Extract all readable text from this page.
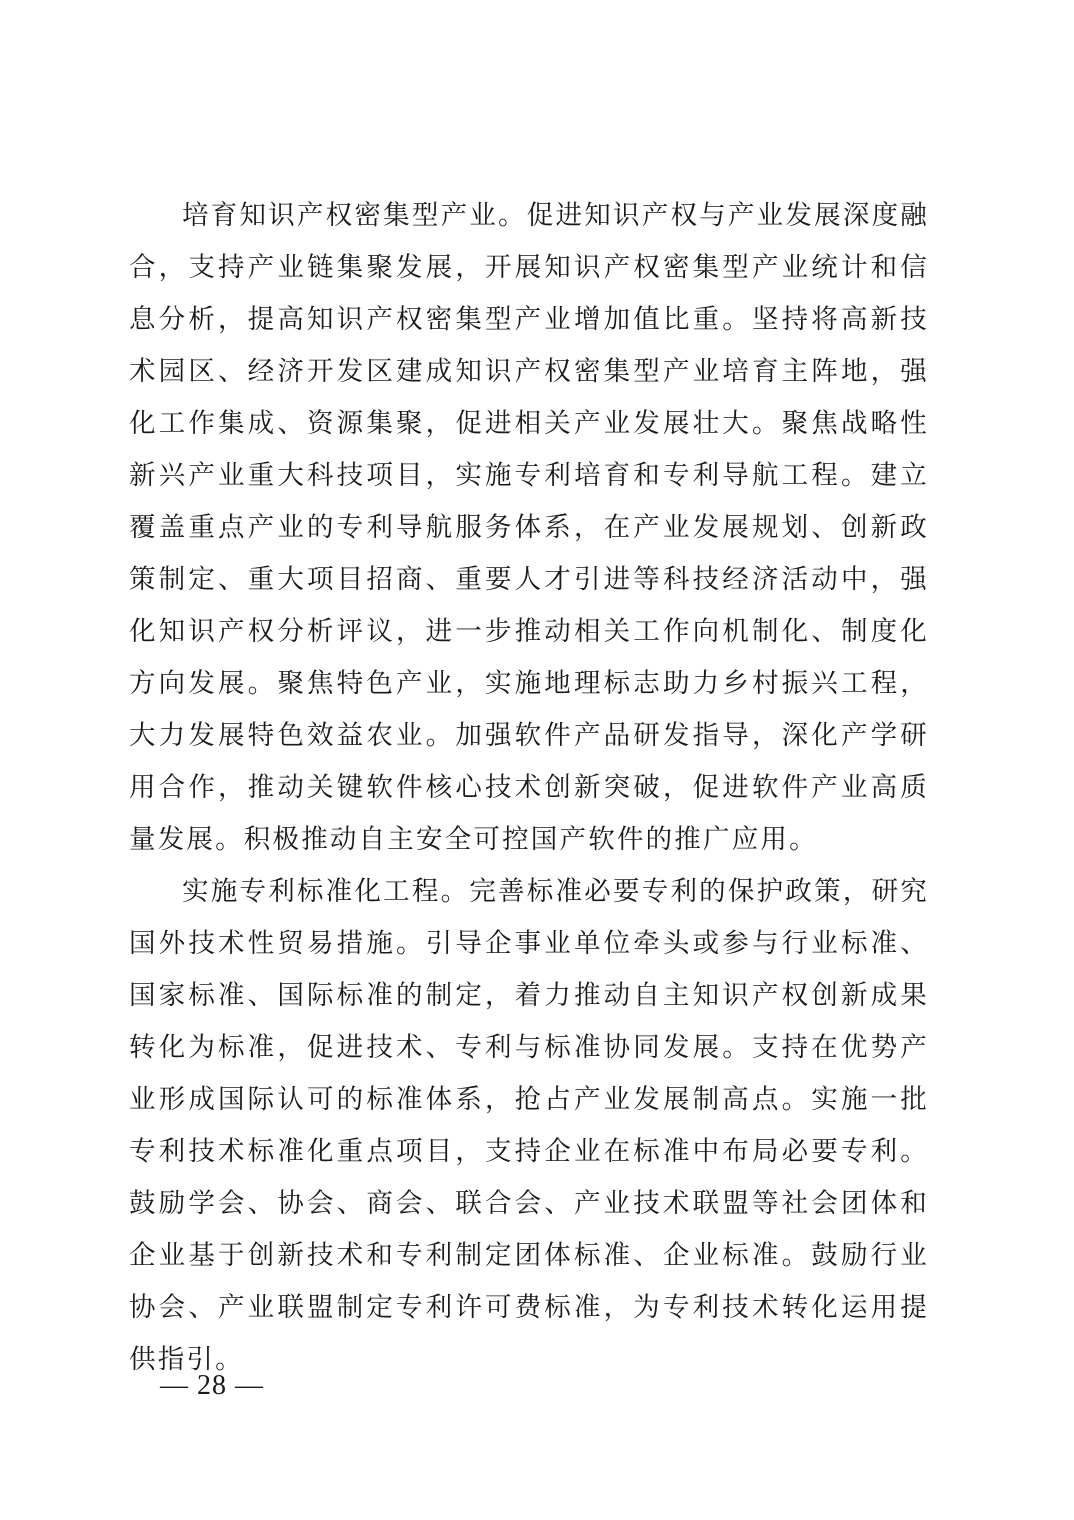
培育知识产权密集型产业。促进知识产权与产业发展深度融合，支持产业链集聚发展，开展知识产权密集型产业统计和信息分析，提高知识产权密集型产业增加值比重。坚持将高新技术园区、经济开发区建成知识产权密集型产业培育主阵地，强化工作集成、资源集聚，促进相关产业发展壮大。聚焦战略性新兴产业重大科技项目，实施专利培育和专利导航工程。建立覆盖重点产业的专利导航服务体系，在产业发展规划、创新政策制定、重大项目招商、重要人才引进等科技经济活动中，强化知识产权分析评议，进一步推动相关工作向机制化、制度化方向发展。聚焦特色产业，实施地理标志助力乡村振兴工程，大力发展特色效益农业。加强软件产品研发指导，深化产学研用合作，推动关键软件核心技术创新突破，促进软件产业高质量发展。积极推动自主安全可控国产软件的推广应用。

实施专利标准化工程。完善标准必要专利的保护政策，研究国外技术性贸易措施。引导企事业单位牵头或参与行业标准、国家标准、国际标准的制定，着力推动自主知识产权创新成果转化为标准，促进技术、专利与标准协同发展。支持在优势产业形成国际认可的标准体系，抢占产业发展制高点。实施一批专利技术标准化重点项目，支持企业在标准中布局必要专利。鼓励学会、协会、商会、联合会、产业技术联盟等社会团体和企业基于创新技术和专利制定团体标准、企业标准。鼓励行业协会、产业联盟制定专利许可费标准，为专利技术转化运用提供指引。

— 28 —
